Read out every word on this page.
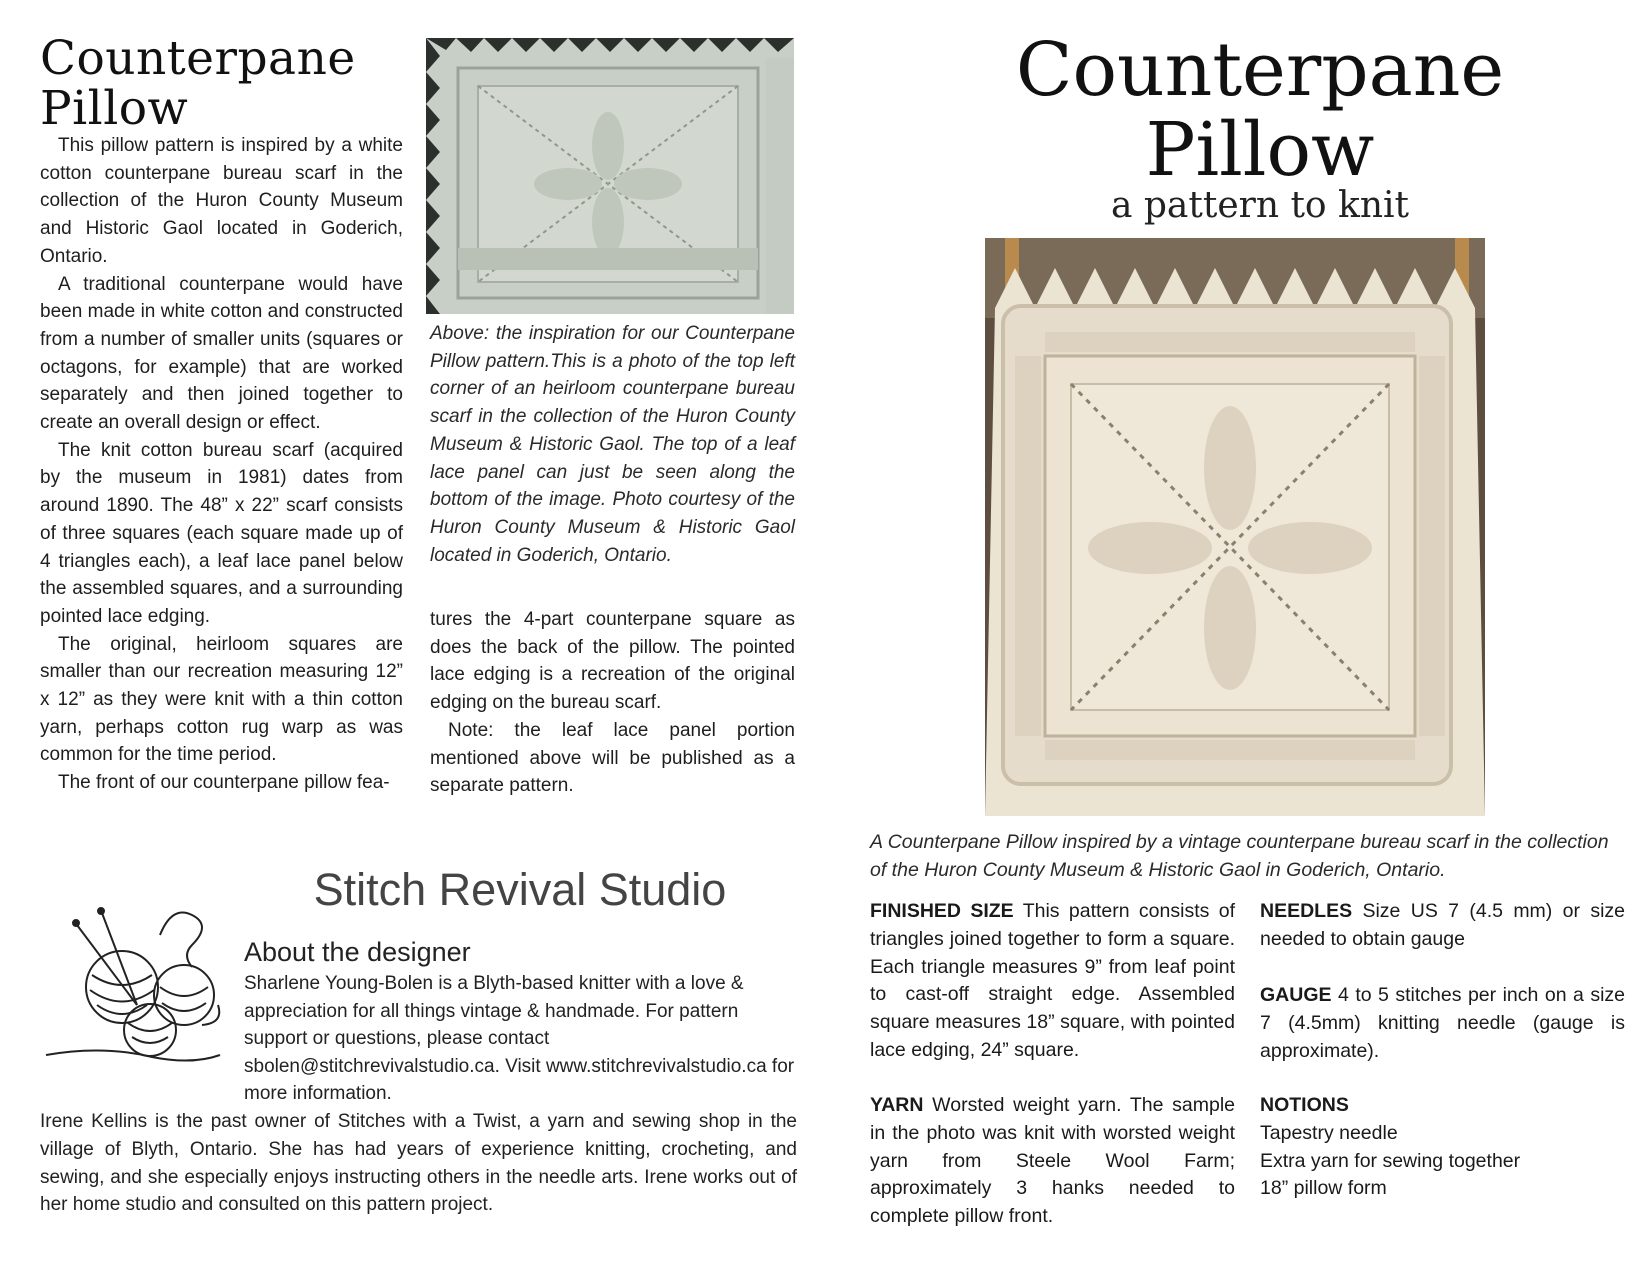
Counterpane
Pillow

This pillow pattern is inspired by a white cotton counterpane bureau scarf in the collection of the Huron County Museum and Historic Gaol located in Goderich, Ontario.

A traditional counterpane would have been made in white cotton and constructed from a number of smaller units (squares or octagons, for example) that are worked separately and then joined together to create an overall design or effect.

The knit cotton bureau scarf (acquired by the museum in 1981) dates from around 1890. The 48” x 22” scarf consists of three squares (each square made up of 4 triangles each), a leaf lace panel below the assembled squares, and a surrounding pointed lace edging.

The original, heirloom squares are smaller than our recreation measuring 12” x 12” as they were knit with a thin cotton yarn, perhaps cotton rug warp as was common for the time period.

The front of our counterpane pillow fea-

Above: the inspiration for our Counterpane Pillow pattern.This is a photo of the top left corner of an heirloom counterpane bureau scarf in the collection of the Huron County Museum & Historic Gaol. The top of a leaf lace panel can just be seen along the bottom of the image. Photo courtesy of the Huron County Museum & Historic Gaol located in Goderich, Ontario.

tures the 4-part counterpane square as does the back of the pillow. The pointed lace edging is a recreation of the original edging on the bureau scarf.

Note: the leaf lace panel portion mentioned above will be published as a separate pattern.

Stitch Revival Studio
About the designer
Sharlene Young-Bolen is a Blyth-based knitter with a love & appreciation for all things vintage & handmade. For pattern support or questions, please contact sbolen@stitchrevivalstudio.ca. Visit www.stitchrevivalstudio.ca for more information.
Irene Kellins is the past owner of Stitches with a Twist, a yarn and sewing shop in the village of Blyth, Ontario. She has had years of experience knitting, crocheting, and sewing, and she especially enjoys instructing others in the needle arts. Irene works out of her home studio and consulted on this pattern project.
Counterpane
Pillow
a pattern to knit
A Counterpane Pillow inspired by a vintage counterpane bureau scarf in the collection of the Huron County Museum & Historic Gaol in Goderich, Ontario.
FINISHED SIZE This pattern consists of triangles joined together to form a square. Each triangle measures 9” from leaf point to cast-off straight edge. Assembled square measures 18” square, with pointed lace edging, 24” square.
YARN Worsted weight yarn. The sample in the photo was knit with worsted weight yarn from Steele Wool Farm; approximately 3 hanks needed to complete pillow front.
NEEDLES Size US 7 (4.5 mm) or size needed to obtain gauge
GAUGE 4 to 5 stitches per inch on a size 7 (4.5mm) knitting needle (gauge is approximate).
NOTIONS
Tapestry needle
Extra yarn for sewing together
18” pillow form
